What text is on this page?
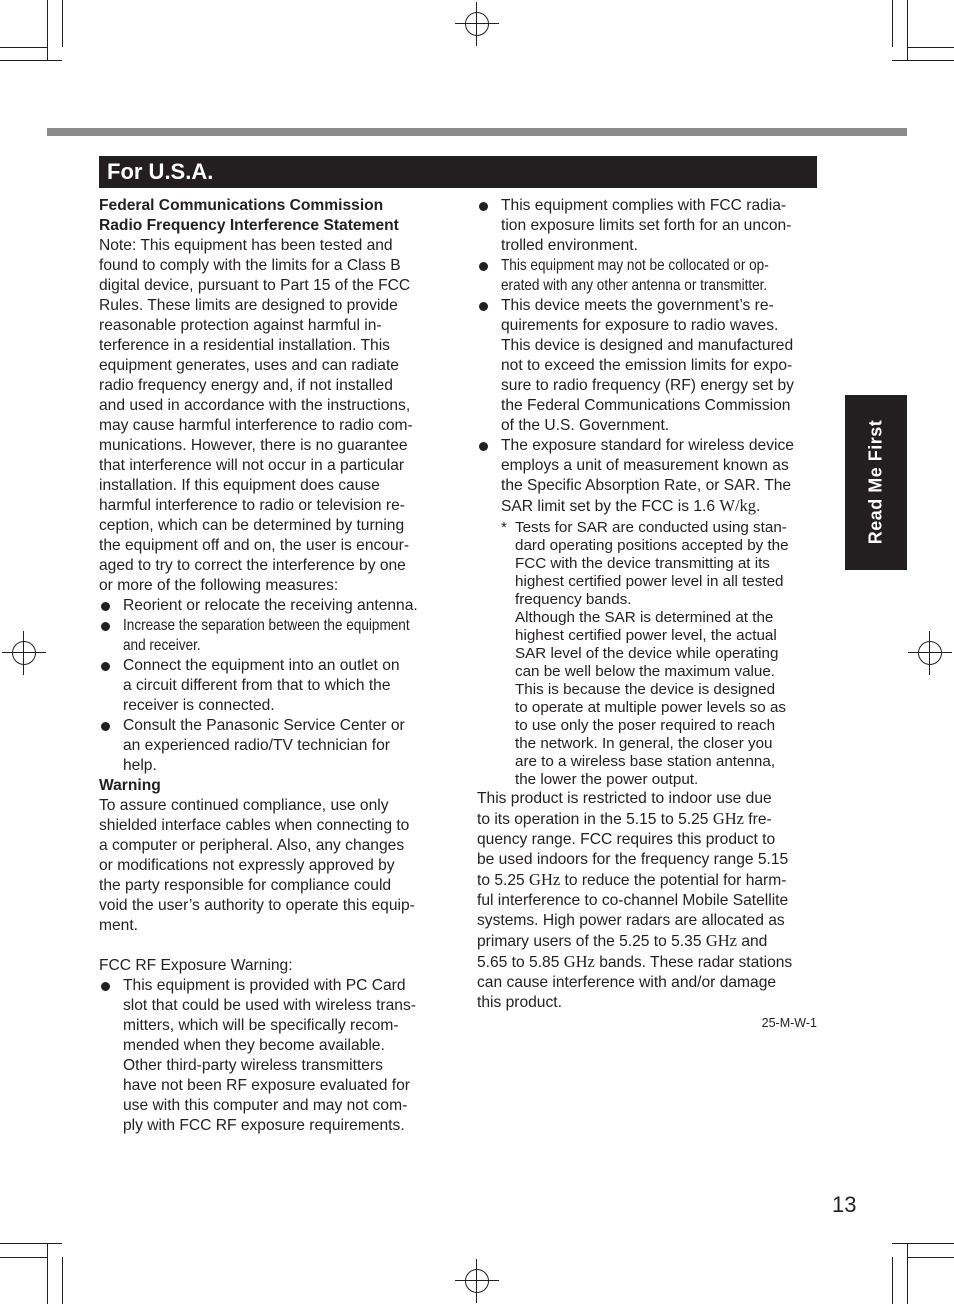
For U.S.A.
Read Me First

Federal Communications Commission

Radio Frequency Interference Statement

Note: This equipment has been tested and

found to comply with the limits for a Class B

digital device, pursuant to Part 15 of the FCC

Rules. These limits are designed to provide

reasonable protection against harmful in-

terference in a residential installation. This

equipment generates, uses and can radiate

radio frequency energy and, if not installed

and used in accordance with the instructions,

may cause harmful interference to radio com-

munications. However, there is no guarantee

that interference will not occur in a particular

installation. If this equipment does cause

harmful interference to radio or television re-

ception, which can be determined by turning

the equipment off and on, the user is encour-

aged to try to correct the interference by one

or more of the following measures:

Reorient or relocate the receiving antenna.

Increase the separation between the equipment

and receiver.

Connect the equipment into an outlet on

a circuit different from that to which the

receiver is connected.

Consult the Panasonic Service Center or

an experienced radio/TV technician for

help.

Warning

To assure continued compliance, use only

shielded interface cables when connecting to

a computer or peripheral. Also, any changes

or modifications not expressly approved by

the party responsible for compliance could

void the user’s authority to operate this equip-

ment.

FCC RF Exposure Warning:

This equipment is provided with PC Card

slot that could be used with wireless trans-

mitters, which will be specifically recom-

mended when they become available.

Other third-party wireless transmitters

have not been RF exposure evaluated for

use with this computer and may not com-

ply with FCC RF exposure requirements.

This equipment complies with FCC radia-

tion exposure limits set forth for an uncon-

trolled environment.

This equipment may not be collocated or op-

erated with any other antenna or transmitter.

This device meets the government’s re-

quirements for exposure to radio waves.

This device is designed and manufactured

not to exceed the emission limits for expo-

sure to radio frequency (RF) energy set by

the Federal Communications Commission

of the U.S. Government.

The exposure standard for wireless device

employs a unit of measurement known as

the Specific Absorption Rate, or SAR. The

SAR limit set by the FCC is 1.6 W/kg.

* Tests for SAR are conducted using stan-

dard operating positions accepted by the

FCC with the device transmitting at its

highest certified power level in all tested

frequency bands.

Although the SAR is determined at the

highest certified power level, the actual

SAR level of the device while operating

can be well below the maximum value.

This is because the device is designed

to operate at multiple power levels so as

to use only the poser required to reach

the network. In general, the closer you

are to a wireless base station antenna,

the lower the power output.

This product is restricted to indoor use due

to its operation in the 5.15 to 5.25 GHz fre-

quency range. FCC requires this product to

be used indoors for the frequency range 5.15

to 5.25 GHz to reduce the potential for harm-

ful interference to co-channel Mobile Satellite

systems. High power radars are allocated as

primary users of the 5.25 to 5.35 GHz and

5.65 to 5.85 GHz bands. These radar stations

can cause interference with and/or damage

this product.

25-M-W-1

13
